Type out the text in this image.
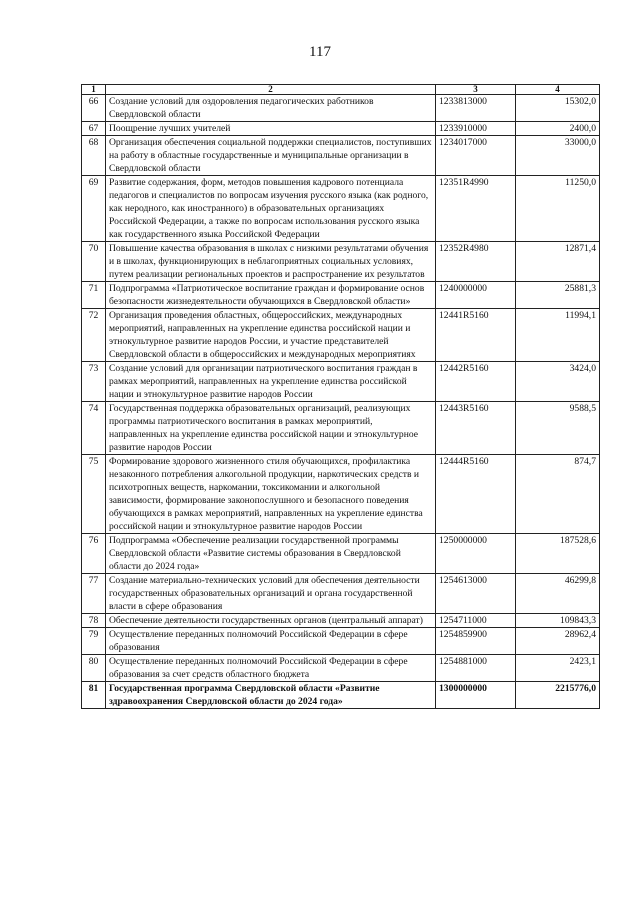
117
1	2	3	4
66	Создание условий для оздоровления педагогических работников Свердловской области	1233813000	15302,0
67	Поощрение лучших учителей	1233910000	2400,0
68	Организация обеспечения социальной поддержки специалистов, поступивших на работу в областные государственные и муниципальные организации в Свердловской области	1234017000	33000,0
69	Развитие содержания, форм, методов повышения кадрового потенциала педагогов и специалистов по вопросам изучения русского языка (как родного, как неродного, как иностранного) в образовательных организациях Российской Федерации, а также по вопросам использования русского языка как государственного языка Российской Федерации	12351R4990	11250,0
70	Повышение качества образования в школах с низкими результатами обучения и в школах, функционирующих в неблагоприятных социальных условиях, путем реализации региональных проектов и распространение их результатов	12352R4980	12871,4
71	Подпрограмма «Патриотическое воспитание граждан и формирование основ безопасности жизнедеятельности обучающихся в Свердловской области»	1240000000	25881,3
72	Организация проведения областных, общероссийских, международных мероприятий, направленных на укрепление единства российской нации и этнокультурное развитие народов России, и участие представителей Свердловской области в общероссийских и международных мероприятиях	12441R5160	11994,1
73	Создание условий для организации патриотического воспитания граждан в рамках мероприятий, направленных на укрепление единства российской нации и этнокультурное развитие народов России	12442R5160	3424,0
74	Государственная поддержка образовательных организаций, реализующих программы патриотического воспитания в рамках мероприятий, направленных на укрепление единства российской нации и этнокультурное развитие народов России	12443R5160	9588,5
75	Формирование здорового жизненного стиля обучающихся, профилактика незаконного потребления алкогольной продукции, наркотических средств и психотропных веществ, наркомании, токсикомании и алкогольной зависимости, формирование законопослушного и безопасного поведения обучающихся в рамках мероприятий, направленных на укрепление единства российской нации и этнокультурное развитие народов России	12444R5160	874,7
76	Подпрограмма «Обеспечение реализации государственной программы Свердловской области «Развитие системы образования в Свердловской области до 2024 года»	1250000000	187528,6
77	Создание материально-технических условий для обеспечения деятельности государственных образовательных организаций и органа государственной власти в сфере образования	1254613000	46299,8
78	Обеспечение деятельности государственных органов (центральный аппарат)	1254711000	109843,3
79	Осуществление переданных полномочий Российской Федерации в сфере образования	1254859900	28962,4
80	Осуществление переданных полномочий Российской Федерации в сфере образования за счет средств областного бюджета	1254881000	2423,1
81	Государственная программа Свердловской области «Развитие здравоохранения Свердловской области до 2024 года»	1300000000	2215776,0
